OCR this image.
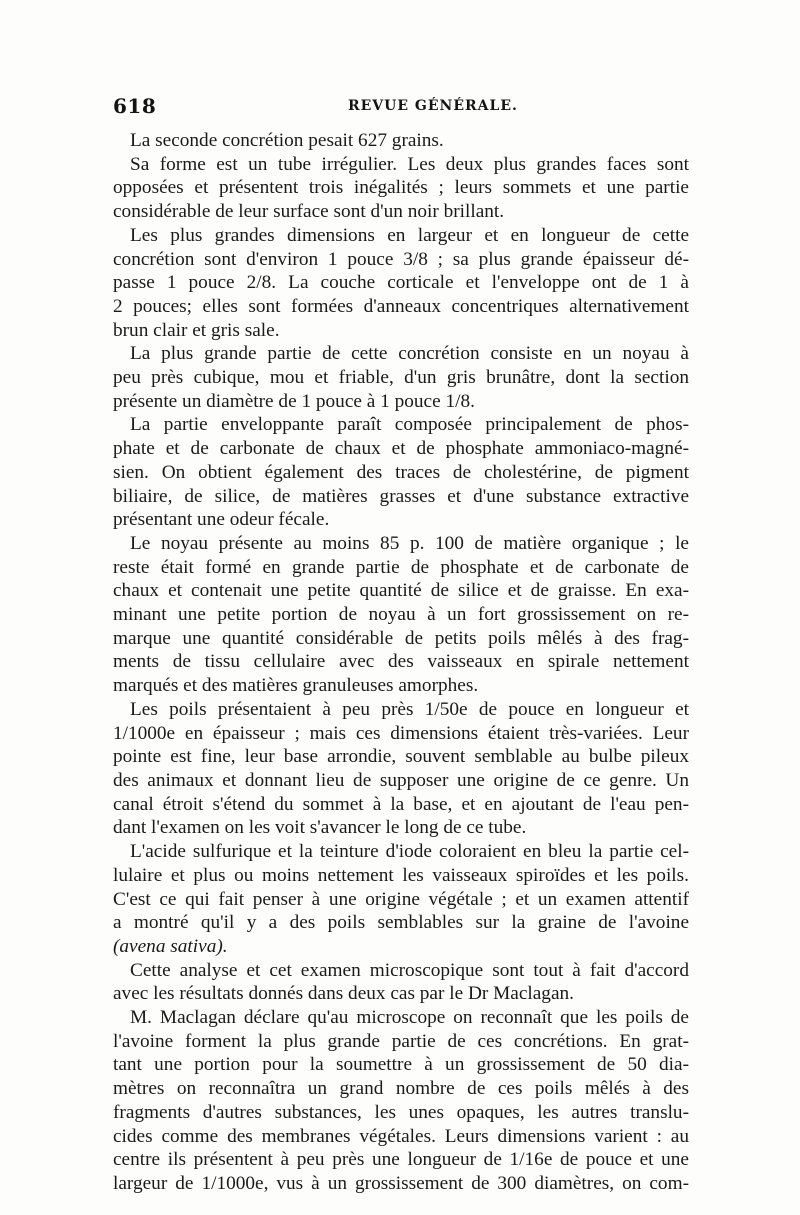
618	REVUE GÉNÉRALE.
La seconde concrétion pesait 627 grains.
Sa forme est un tube irrégulier. Les deux plus grandes faces sont
opposées et présentent trois inégalités ; leurs sommets et une partie
considérable de leur surface sont d'un noir brillant.
Les plus grandes dimensions en largeur et en longueur de cette
concrétion sont d'environ 1 pouce 3/8 ; sa plus grande épaisseur dé-
passe 1 pouce 2/8. La couche corticale et l'enveloppe ont de 1 à
2 pouces; elles sont formées d'anneaux concentriques alternativement
brun clair et gris sale.
La plus grande partie de cette concrétion consiste en un noyau à
peu près cubique, mou et friable, d'un gris brunâtre, dont la section
présente un diamètre de 1 pouce à 1 pouce 1/8.
La partie enveloppante paraît composée principalement de phos-
phate et de carbonate de chaux et de phosphate ammoniaco-magné-
sien. On obtient également des traces de cholestérine, de pigment
biliaire, de silice, de matières grasses et d'une substance extractive
présentant une odeur fécale.
Le noyau présente au moins 85 p. 100 de matière organique ; le
reste était formé en grande partie de phosphate et de carbonate de
chaux et contenait une petite quantité de silice et de graisse. En exa-
minant une petite portion de noyau à un fort grossissement on re-
marque une quantité considérable de petits poils mêlés à des frag-
ments de tissu cellulaire avec des vaisseaux en spirale nettement
marqués et des matières granuleuses amorphes.
Les poils présentaient à peu près 1/50e de pouce en longueur et
1/1000e en épaisseur ; mais ces dimensions étaient très-variées. Leur
pointe est fine, leur base arrondie, souvent semblable au bulbe pileux
des animaux et donnant lieu de supposer une origine de ce genre. Un
canal étroit s'étend du sommet à la base, et en ajoutant de l'eau pen-
dant l'examen on les voit s'avancer le long de ce tube.
L'acide sulfurique et la teinture d'iode coloraient en bleu la partie cel-
lulaire et plus ou moins nettement les vaisseaux spiroïdes et les poils.
C'est ce qui fait penser à une origine végétale ; et un examen attentif
a montré qu'il y a des poils semblables sur la graine de l'avoine
(avena sativa).
Cette analyse et cet examen microscopique sont tout à fait d'accord
avec les résultats donnés dans deux cas par le Dr Maclagan.
M. Maclagan déclare qu'au microscope on reconnaît que les poils de
l'avoine forment la plus grande partie de ces concrétions. En grat-
tant une portion pour la soumettre à un grossissement de 50 dia-
mètres on reconnaîtra un grand nombre de ces poils mêlés à des
fragments d'autres substances, les unes opaques, les autres translu-
cides comme des membranes végétales. Leurs dimensions varient : au
centre ils présentent à peu près une longueur de 1/16e de pouce et une
largeur de 1/1000e, vus à un grossissement de 300 diamètres, on com-
